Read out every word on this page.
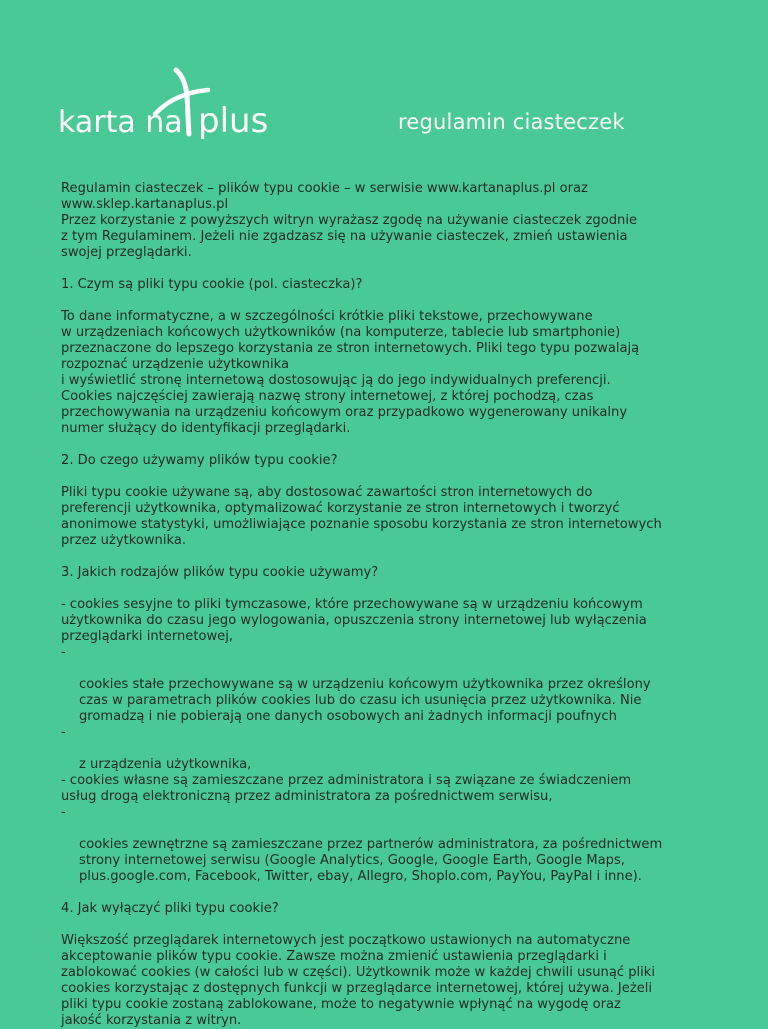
karta na plus	regulamin ciasteczek

Regulamin ciasteczek – plików typu cookie – w serwisie www.kartanaplus.pl oraz
www.sklep.kartanaplus.pl
Przez korzystanie z powyższych witryn wyrażasz zgodę na używanie ciasteczek zgodnie
z tym Regulaminem. Jeżeli nie zgadzasz się na używanie ciasteczek, zmień ustawienia
swojej przeglądarki.

1. Czym są pliki typu cookie (pol. ciasteczka)?

To dane informatyczne, a w szczególności krótkie pliki tekstowe, przechowywane
w urządzeniach końcowych użytkowników (na komputerze, tablecie lub smartphonie)
przeznaczone do lepszego korzystania ze stron internetowych. Pliki tego typu pozwalają
rozpoznać urządzenie użytkownika
i wyświetlić stronę internetową dostosowując ją do jego indywidualnych preferencji.
Cookies najczęściej zawierają nazwę strony internetowej, z której pochodzą, czas
przechowywania na urządzeniu końcowym oraz przypadkowo wygenerowany unikalny
numer służący do identyfikacji przeglądarki.

2. Do czego używamy plików typu cookie?

Pliki typu cookie używane są, aby dostosować zawartości stron internetowych do
preferencji użytkownika, optymalizować korzystanie ze stron internetowych i tworzyć
anonimowe statystyki, umożliwiające poznanie sposobu korzystania ze stron internetowych
przez użytkownika.

3. Jakich rodzajów plików typu cookie używamy?

- cookies sesyjne to pliki tymczasowe, które przechowywane są w urządzeniu końcowym
użytkownika do czasu jego wylogowania, opuszczenia strony internetowej lub wyłączenia
przeglądarki internetowej,

-

cookies stałe przechowywane są w urządzeniu końcowym użytkownika przez określony
czas w parametrach plików cookies lub do czasu ich usunięcia przez użytkownika. Nie
gromadzą i nie pobierają one danych osobowych ani żadnych informacji poufnych

-

z urządzenia użytkownika,

- cookies własne są zamieszczane przez administratora i są związane ze świadczeniem
usług drogą elektroniczną przez administratora za pośrednictwem serwisu,

-

cookies zewnętrzne są zamieszczane przez partnerów administratora, za pośrednictwem
strony internetowej serwisu (Google Analytics, Google, Google Earth, Google Maps,
plus.google.com, Facebook, Twitter, ebay, Allegro, Shoplo.com, PayYou, PayPal i inne).

4. Jak wyłączyć pliki typu cookie?

Większość przeglądarek internetowych jest początkowo ustawionych na automatyczne
akceptowanie plików typu cookie. Zawsze można zmienić ustawienia przeglądarki i
zablokować cookies (w całości lub w części). Użytkownik może w każdej chwili usunąć pliki
cookies korzystając z dostępnych funkcji w przeglądarce internetowej, której używa. Jeżeli
pliki typu cookie zostaną zablokowane, może to negatywnie wpłynąć na wygodę oraz
jakość korzystania z witryn.
